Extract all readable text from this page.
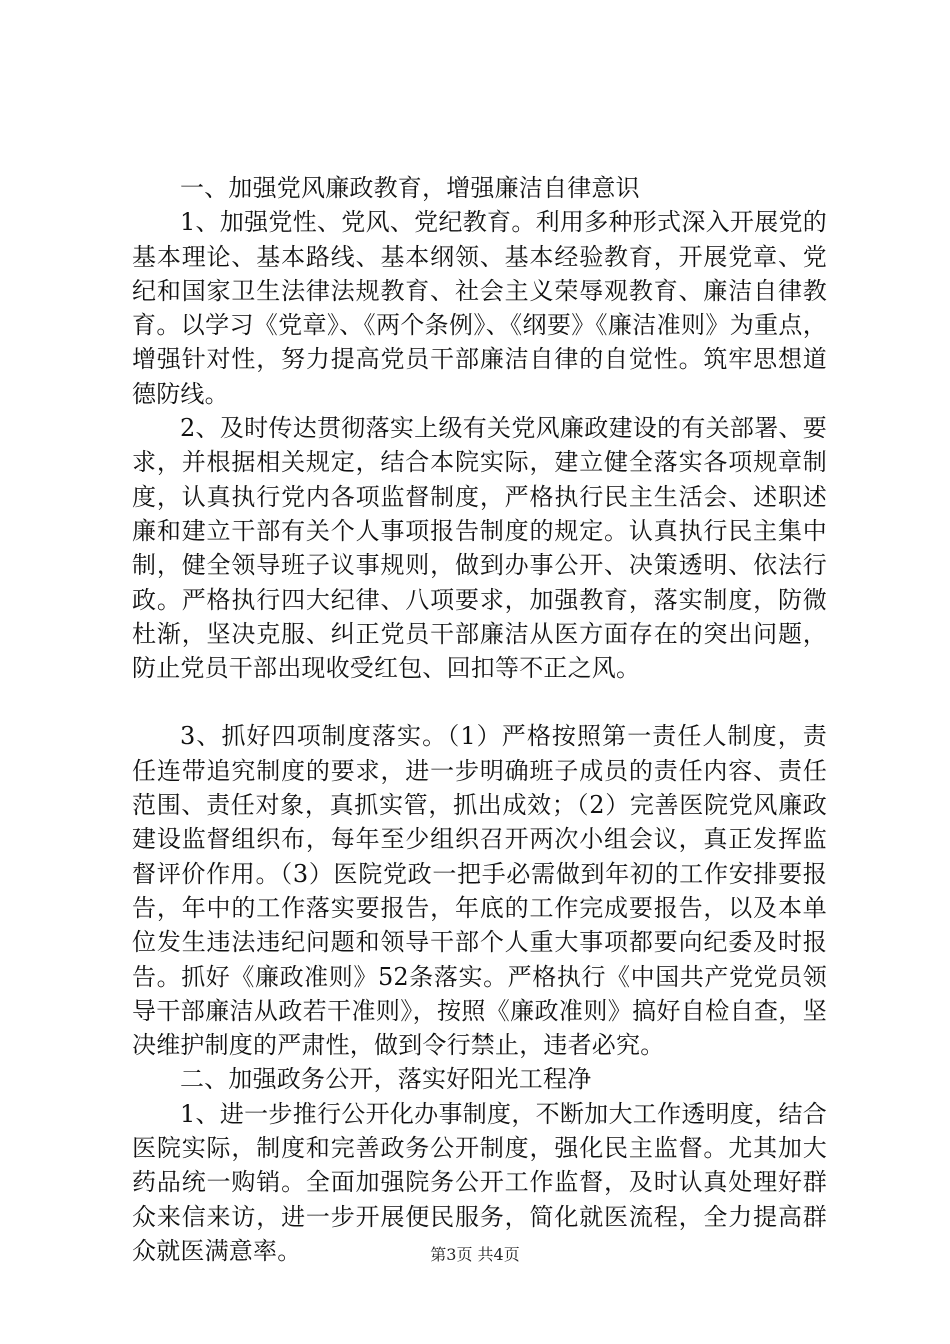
一、加强党风廉政教育，增强廉洁自律意识

1、加强党性、党风、党纪教育。利用多种形式深入开展党的基本理论、基本路线、基本纲领、基本经验教育，开展党章、党纪和国家卫生法律法规教育、社会主义荣辱观教育、廉洁自律教育。以学习《党章》、《两个条例》、《纲要》《廉洁准则》为重点，增强针对性，努力提高党员干部廉洁自律的自觉性。筑牢思想道德防线。

2、及时传达贯彻落实上级有关党风廉政建设的有关部署、要求，并根据相关规定，结合本院实际，建立健全落实各项规章制度，认真执行党内各项监督制度，严格执行民主生活会、述职述廉和建立干部有关个人事项报告制度的规定。认真执行民主集中制，健全领导班子议事规则，做到办事公开、决策透明、依法行政。严格执行四大纪律、八项要求，加强教育，落实制度，防微杜渐，坚决克服、纠正党员干部廉洁从医方面存在的突出问题，防止党员干部出现收受红包、回扣等不正之风。

3、抓好四项制度落实。（1）严格按照第一责任人制度，责任连带追究制度的要求，进一步明确班子成员的责任内容、责任范围、责任对象，真抓实管，抓出成效；（2）完善医院党风廉政建设监督组织布，每年至少组织召开两次小组会议，真正发挥监督评价作用。（3）医院党政一把手必需做到年初的工作安排要报告，年中的工作落实要报告，年底的工作完成要报告，以及本单位发生违法违纪问题和领导干部个人重大事项都要向纪委及时报告。抓好《廉政准则》52条落实。严格执行《中国共产党党员领导干部廉洁从政若干准则》，按照《廉政准则》搞好自检自查，坚决维护制度的严肃性，做到令行禁止，违者必究。

二、加强政务公开，落实好阳光工程净

1、进一步推行公开化办事制度，不断加大工作透明度，结合医院实际，制度和完善政务公开制度，强化民主监督。尤其加大药品统一购销。全面加强院务公开工作监督，及时认真处理好群众来信来访，进一步开展便民服务，简化就医流程，全力提高群众就医满意率。	第3页 共4页
